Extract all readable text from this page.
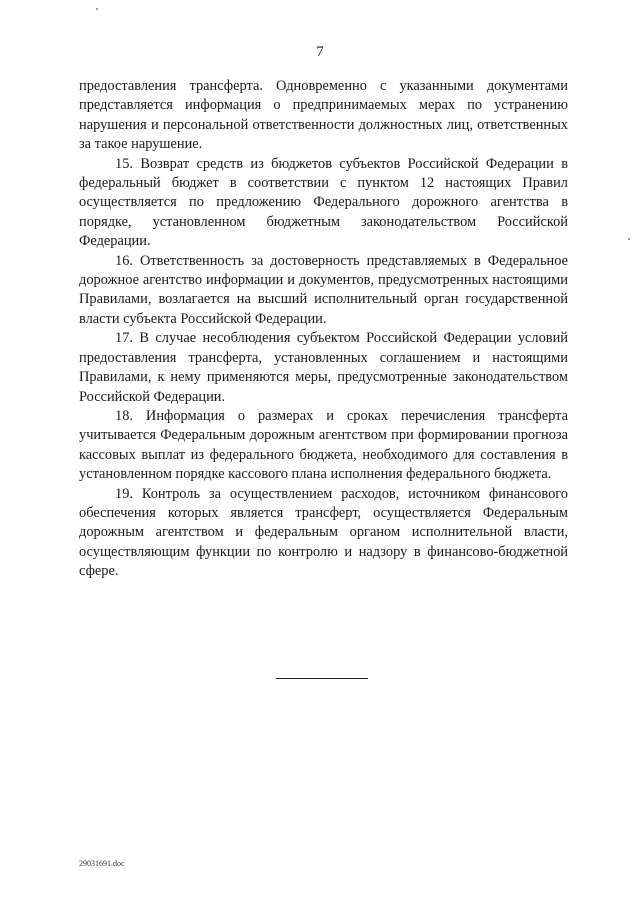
7

предоставления трансферта. Одновременно с указанными документами представляется информация о предпринимаемых мерах по устранению нарушения и персональной ответственности должностных лиц, ответственных за такое нарушение.

15. Возврат средств из бюджетов субъектов Российской Федерации в федеральный бюджет в соответствии с пунктом 12 настоящих Правил осуществляется по предложению Федерального дорожного агентства в порядке, установленном бюджетным законодательством Российской Федерации.

16. Ответственность за достоверность представляемых в Федеральное дорожное агентство информации и документов, предусмотренных настоящими Правилами, возлагается на высший исполнительный орган государственной власти субъекта Российской Федерации.

17. В случае несоблюдения субъектом Российской Федерации условий предоставления трансферта, установленных соглашением и настоящими Правилами, к нему применяются меры, предусмотренные законодательством Российской Федерации.

18. Информация о размерах и сроках перечисления трансферта учитывается Федеральным дорожным агентством при формировании прогноза кассовых выплат из федерального бюджета, необходимого для составления в установленном порядке кассового плана исполнения федерального бюджета.

19. Контроль за осуществлением расходов, источником финансового обеспечения которых является трансферт, осуществляется Федеральным дорожным агентством и федеральным органом исполнительной власти, осуществляющим функции по контролю и надзору в финансово-бюджетной сфере.

29031691.doc
